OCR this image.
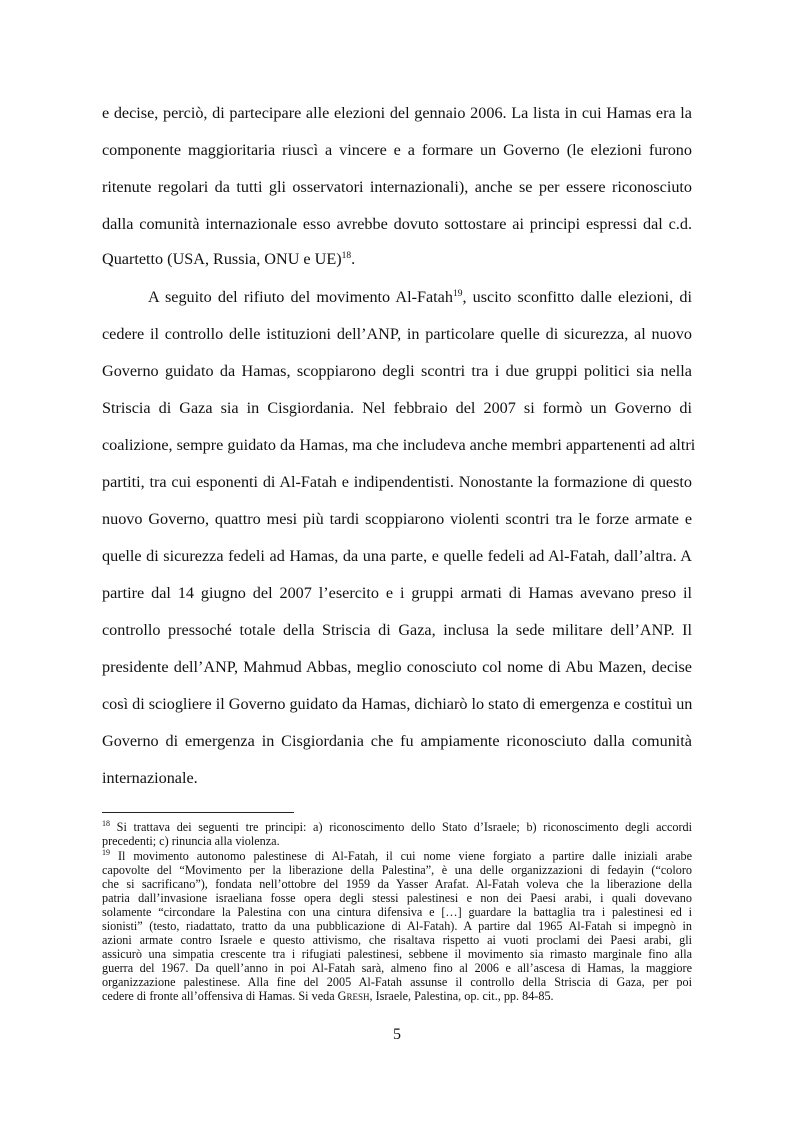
e decise, perciò, di partecipare alle elezioni del gennaio 2006. La lista in cui Hamas era la
componente maggioritaria riuscì a vincere e a formare un Governo (le elezioni furono
ritenute regolari da tutti gli osservatori internazionali), anche se per essere riconosciuto
dalla comunità internazionale esso avrebbe dovuto sottostare ai principi espressi dal c.d.
Quartetto (USA, Russia, ONU e UE)$^{18}$.
A seguito del rifiuto del movimento Al-Fatah$^{19}$, uscito sconfitto dalle elezioni, di
cedere il controllo delle istituzioni dell’ANP, in particolare quelle di sicurezza, al nuovo
Governo guidato da Hamas, scoppiarono degli scontri tra i due gruppi politici sia nella
Striscia di Gaza sia in Cisgiordania. Nel febbraio del 2007 si formò un Governo di
coalizione, sempre guidato da Hamas, ma che includeva anche membri appartenenti ad altri
partiti, tra cui esponenti di Al-Fatah e indipendentisti. Nonostante la formazione di questo
nuovo Governo, quattro mesi più tardi scoppiarono violenti scontri tra le forze armate e
quelle di sicurezza fedeli ad Hamas, da una parte, e quelle fedeli ad Al-Fatah, dall’altra. A
partire dal 14 giugno del 2007 l’esercito e i gruppi armati di Hamas avevano preso il
controllo pressoché totale della Striscia di Gaza, inclusa la sede militare dell’ANP. Il
presidente dell’ANP, Mahmud Abbas, meglio conosciuto col nome di Abu Mazen, decise
così di sciogliere il Governo guidato da Hamas, dichiarò lo stato di emergenza e costituì un
Governo di emergenza in Cisgiordania che fu ampiamente riconosciuto dalla comunità
internazionale.
$^{18}$ Si trattava dei seguenti tre principi: a) riconoscimento dello Stato d’Israele; b) riconoscimento degli accordi
precedenti; c) rinuncia alla violenza.
$^{19}$ Il movimento autonomo palestinese di Al-Fatah, il cui nome viene forgiato a partire dalle iniziali arabe
capovolte del “Movimento per la liberazione della Palestina”, è una delle organizzazioni di fedayin (“coloro
che si sacrificano”), fondata nell’ottobre del 1959 da Yasser Arafat. Al-Fatah voleva che la liberazione della
patria dall’invasione israeliana fosse opera degli stessi palestinesi e non dei Paesi arabi, i quali dovevano
solamente “circondare la Palestina con una cintura difensiva e […] guardare la battaglia tra i palestinesi ed i
sionisti” (testo, riadattato, tratto da una pubblicazione di Al-Fatah). A partire dal 1965 Al-Fatah si impegnò in
azioni armate contro Israele e questo attivismo, che risaltava rispetto ai vuoti proclami dei Paesi arabi, gli
assicurò una simpatia crescente tra i rifugiati palestinesi, sebbene il movimento sia rimasto marginale fino alla
guerra del 1967. Da quell’anno in poi Al-Fatah sarà, almeno fino al 2006 e all’ascesa di Hamas, la maggiore
organizzazione palestinese. Alla fine del 2005 Al-Fatah assunse il controllo della Striscia di Gaza, per poi
cedere di fronte all’offensiva di Hamas. Si veda Gresh, Israele, Palestina, op. cit., pp. 84-85.
5
